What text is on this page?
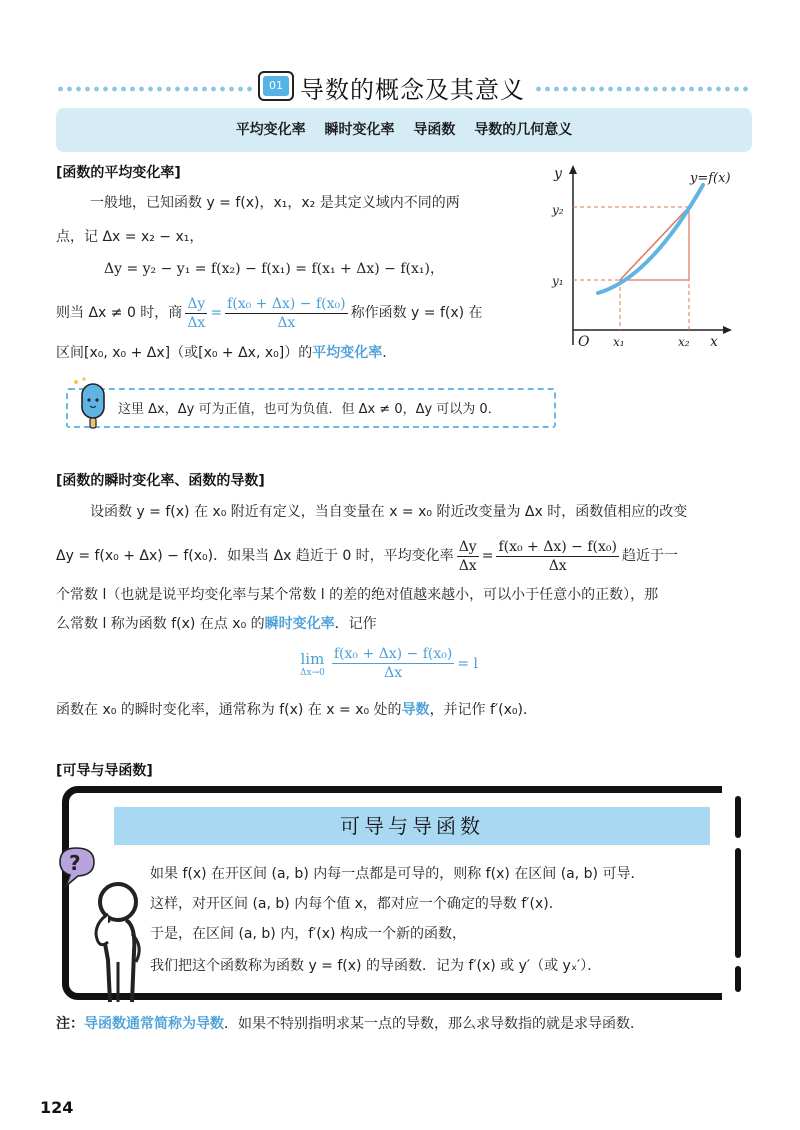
01 导数的概念及其意义
平均变化率 瞬时变化率 导函数 导数的几何意义
[函数的平均变化率]
一般地，已知函数 y = f(x)，x₁，x₂ 是其定义域内不同的两
点，记 Δx = x₂ − x₁，
Δy = y₂ − y₁ = f(x₂) − f(x₁) = f(x₁ + Δx) − f(x₁)，
则当 Δx ≠ 0 时，商 $\frac{\Delta y}{\Delta x} = \frac{\text{f(x₀ + Δx) − f(x₀)}}{\Delta x}$ 称作函数 y = f(x) 在
区间[x₀, x₀ + Δx]（或[x₀ + Δx, x₀]）的平均变化率.
y
x
O
y=f(x)
y₂
y₁
x₁	x₂
这里 Δx，Δy 可为正值，也可为负值．但 Δx ≠ 0，Δy 可以为 0．
[函数的瞬时变化率、函数的导数]
设函数 y = f(x) 在 x₀ 附近有定义，当自变量在 x = x₀ 附近改变量为 Δx 时，函数值相应的改变
Δy = f(x₀ + Δx) − f(x₀)．如果当 Δx 趋近于 0 时，平均变化率 $\frac{\Delta y}{\Delta x} = \frac{\text{f(x₀ + Δx) − f(x₀)}}{\Delta x}$ 趋近于一
个常数 l（也就是说平均变化率与某个常数 l 的差的绝对值越来越小，可以小于任意小的正数），那
么常数 l 称为函数 f(x) 在点 x₀ 的瞬时变化率．记作
lim
$\Delta x\to 0 \frac{\text{f(x₀ + Δx) − f(x₀)}}{\Delta x} = l$
函数在 x₀ 的瞬时变化率，通常称为 f(x) 在 x = x₀ 处的导数，并记作 f′(x₀)．
[可导与导函数]
可导与导函数
?	如果 f(x) 在开区间 (a, b) 内每一点都是可导的，则称 f(x) 在区间 (a, b) 可导．
这样，对开区间 (a, b) 内每个值 x，都对应一个确定的导数 f′(x)．
于是，在区间 (a, b) 内，f′(x) 构成一个新的函数，
我们把这个函数称为函数 y = f(x) 的导函数．记为 f′(x) 或 y′（或 yₓ′）．
注：导函数通常简称为导数．如果不特别指明求某一点的导数，那么求导数指的就是求导函数．
124
